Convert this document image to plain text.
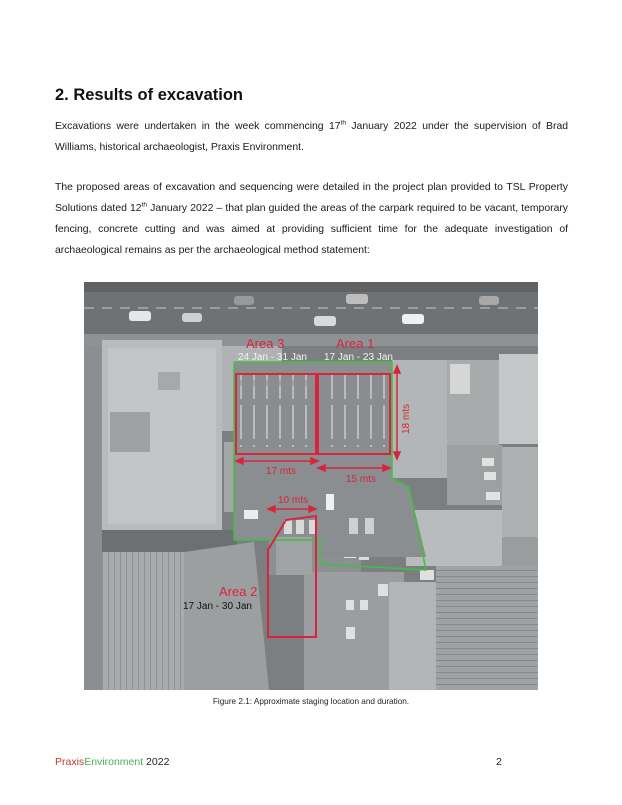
2. Results of excavation

Excavations were undertaken in the week commencing 17th January 2022 under the supervision of Brad Williams, historical archaeologist, Praxis Environment.

The proposed areas of excavation and sequencing were detailed in the project plan provided to TSL Property Solutions dated 12th January 2022 – that plan guided the areas of the carpark required to be vacant, temporary fencing, concrete cutting and was aimed at providing sufficient time for the adequate investigation of archaeological remains as per the archaeological method statement:

Area 3
24 Jan - 31 Jan
Area 1
17 Jan - 23 Jan
Area 2
17 Jan - 30 Jan
18 mts
17 mts
15 mts
10 mts

Figure 2.1: Approximate staging location and duration.

PraxisEnvironment 2022	2
